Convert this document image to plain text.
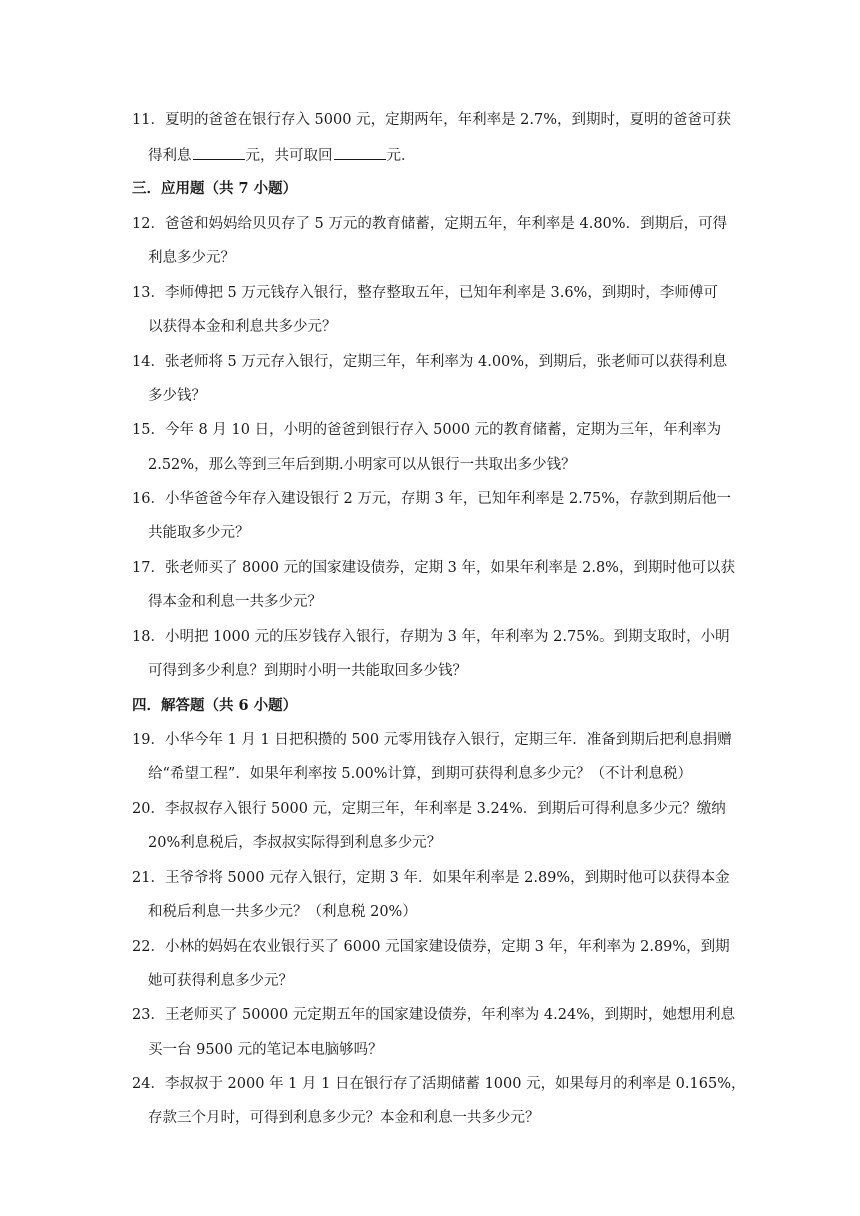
11．夏明的爸爸在银行存入 5000 元，定期两年，年利率是 2.7%，到期时，夏明的爸爸可获
得利息	元，共可取回	元．
三．应用题（共 7 小题）
12．爸爸和妈妈给贝贝存了 5 万元的教育储蓄，定期五年，年利率是 4.80%．到期后，可得
利息多少元？
13．李师傅把 5 万元钱存入银行，整存整取五年，已知年利率是 3.6%，到期时，李师傅可
以获得本金和利息共多少元？
14．张老师将 5 万元存入银行，定期三年，年利率为 4.00%，到期后，张老师可以获得利息
多少钱？
15．今年 8 月 10 日，小明的爸爸到银行存入 5000 元的教育储蓄，定期为三年，年利率为
2.52%，那么等到三年后到期.小明家可以从银行一共取出多少钱？
16．小华爸爸今年存入建设银行 2 万元，存期 3 年，已知年利率是 2.75%，存款到期后他一
共能取多少元？
17．张老师买了 8000 元的国家建设债券，定期 3 年，如果年利率是 2.8%，到期时他可以获
得本金和利息一共多少元？
18．小明把 1000 元的压岁钱存入银行，存期为 3 年，年利率为 2.75%。到期支取时，小明
可得到多少利息？到期时小明一共能取回多少钱？
四．解答题（共 6 小题）
19．小华今年 1 月 1 日把积攒的 500 元零用钱存入银行，定期三年．准备到期后把利息捐赠
给“希望工程”．如果年利率按 5.00%计算，到期可获得利息多少元？（不计利息税）
20．李叔叔存入银行 5000 元，定期三年，年利率是 3.24%．到期后可得利息多少元？缴纳
20%利息税后，李叔叔实际得到利息多少元？
21．王爷爷将 5000 元存入银行，定期 3 年．如果年利率是 2.89%，到期时他可以获得本金
和税后利息一共多少元？（利息税 20%）
22．小林的妈妈在农业银行买了 6000 元国家建设债券，定期 3 年，年利率为 2.89%，到期
她可获得利息多少元？
23．王老师买了 50000 元定期五年的国家建设债券，年利率为 4.24%，到期时，她想用利息
买一台 9500 元的笔记本电脑够吗？
24．李叔叔于 2000 年 1 月 1 日在银行存了活期储蓄 1000 元，如果每月的利率是 0.165%，
存款三个月时，可得到利息多少元？本金和利息一共多少元？
